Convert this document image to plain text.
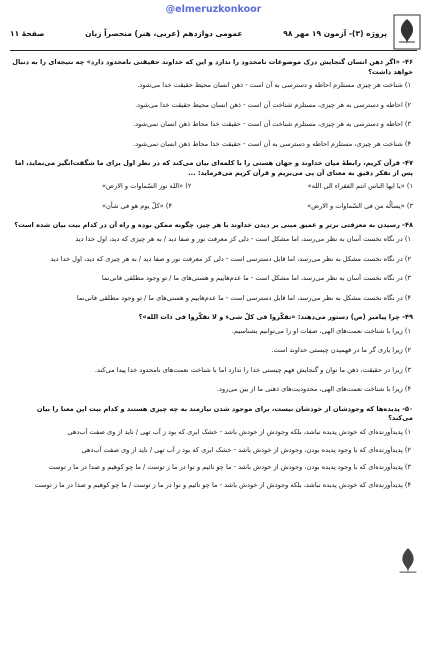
@elmeruzkonkoor
پروژه (۳)- آزمون ۱۹ مهر ۹۸
عمومی دوازدهم (عربی، هنر) منحصراً زبان
صفحهٔ ۱۱
۴۶- «اگر ذهن انسان گنجایش درک موضوعات نامحدود را ندارد و این که خداوند حقیقتی نامحدود دارد» چه نتیجه‌ای را به دنبال خواهد داشت؟
۱) شناخت هر چیزی مستلزم احاطه و دسترسی به آن است - ذهن انسان محیط حقیقت خدا می‌شود.
۲) احاطه و دسترسی به هر چیزی، مستلزم شناخت آن است - ذهن انسان محیط حقیقت خدا می‌شود.
۳) احاطه و دسترسی به هر چیزی، مستلزم شناخت آن است - حقیقت خدا محاط ذهن انسان نمی‌شود.
۴) شناخت هر چیزی، مستلزم احاطه و دسترسی به آن است - حقیقت خدا محاط ذهن انسان نمی‌شود.
۴۷- قرآن کریم، رابطهٔ میان خداوند و جهان هستی را با کلمه‌ای بیان می‌کند که در نظر اول برای ما شگفت‌انگیز می‌نماید، اما پس از تفکر دقیق به معنای آن پی می‌بریم و قرآن کریم می‌فرماید: ...
۱) «یا ایها الناس انتم الفقراء الی الله»
۲) «الله نور السّماوات و الارض»
۳) «یسألُه من فی السّماوات و الارض»
۴) «کلّ یوم هو فی شأن»
۴۸- رسیدن به معرفتی برتر و عمیق مبنی بر دیدن خداوند با هر چیز، چگونه ممکن بوده و راه آن در کدام بیت بیان شده است؟
۱) در نگاه نخست آسان به نظر می‌رسد، اما مشکل است - دلی کز معرفت نور و صفا دید / به هر چیزی که دید، اول خدا دید
۲) در نگاه نخست مشکل به نظر می‌رسد، اما قابل دسترسی است - دلی کز معرفت نور و صفا دید / به هر چیزی که دید، اول خدا دید
۳) در نگاه نخست آسان به نظر می‌رسد، اما مشکل است - ما عدم‌هاییم و هستی‌های ما / تو وجود مطلقی فانی‌نما
۴) در نگاه نخست مشکل به نظر می‌رسد، اما قابل دسترسی است - ما عدم‌هاییم و هستی‌های ما / تو وجود مطلقی فانی‌نما
۴۹- چرا پیامبر (ص) دستور می‌دهند: «تفکّروا فی کلّ شیء و لا تفکّروا فی ذات الله»؟
۱) زیرا با شناخت نعمت‌های الهی، صفات او را می‌توانیم بشناسیم.
۲) زیرا یاری گر ما در فهمیدن چیستی خداوند است.
۳) زیرا در حقیقت، ذهن ما توان و گنجایش فهم چیستی خدا را ندارد اما با شناخت نعمت‌های نامحدود خدا پیدا می‌کند.
۴) زیرا با شناخت نعمت‌های الهی، محدودیت‌های ذهنی ما از بین می‌رود.
۵۰- پدیده‌ها که وجودشان از خودشان نیست، برای موجود شدن نیازمند به چه چیزی هستند و کدام بیت این معنا را بیان می‌کند؟
۱) پدیدآورنده‌ای که خودش پدیده نباشد، بلکه وجودش از خودش باشد - خشک ابری که بود ز آب تهی / ناید از وی صفت آب‌دهی
۲) پدیدآورنده‌ای که با وجود پدیده بودن، وجودش از خودش باشد - خشک ابری که بود ز آب تهی / ناید از وی صفت آب‌دهی
۳) پدیدآورنده‌ای که با وجود پدیده بودن، وجودش از خودش باشد - ما چو نائیم و نوا در ما ز توست / ما چو کوهیم و صدا در ما ز توست
۴) پدیدآورنده‌ای که خودش پدیده نباشد، بلکه وجودش از خودش باشد - ما چو نائیم و نوا در ما ز توست / ما چو کوهیم و صدا در ما ز توست
